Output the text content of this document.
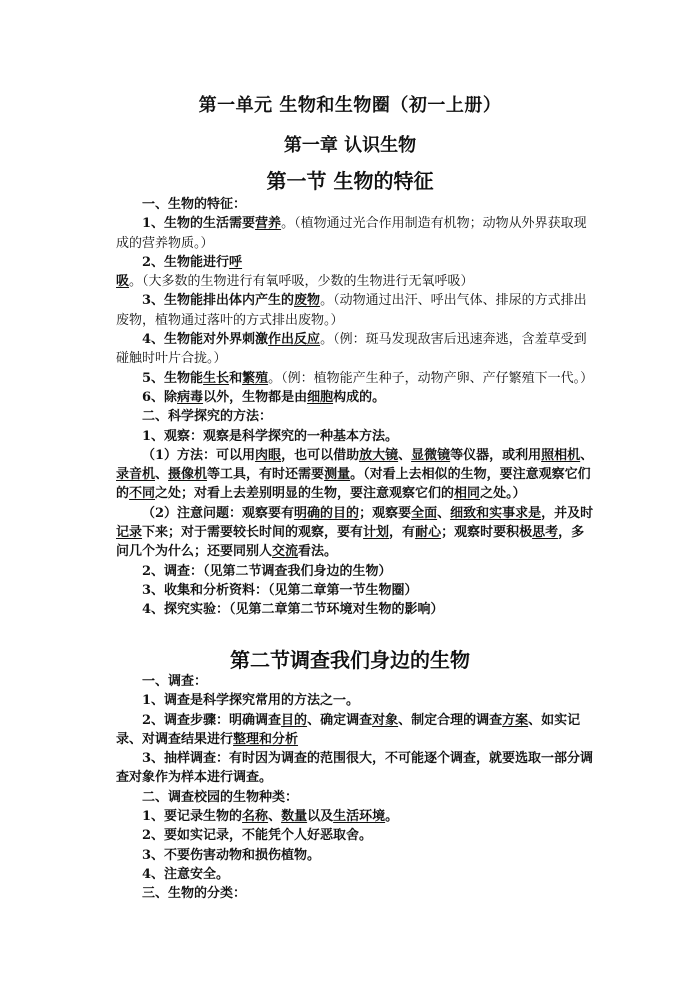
第一单元 生物和生物圈（初一上册）
第一章 认识生物
第一节 生物的特征

一、生物的特征：

1、生物的生活需要营养。（植物通过光合作用制造有机物；动物从外界获取现成的营养物质。）

2、生物能进行呼吸。（大多数的生物进行有氧呼吸，少数的生物进行无氧呼吸）

3、生物能排出体内产生的废物。（动物通过出汗、呼出气体、排尿的方式排出废物，植物通过落叶的方式排出废物。）

4、生物能对外界刺激作出反应。（例：斑马发现敌害后迅速奔逃，含羞草受到碰触时叶片合拢。）

5、生物能生长和繁殖。（例：植物能产生种子，动物产卵、产仔繁殖下一代。）

6、除病毒以外，生物都是由细胞构成的。

二、科学探究的方法：

1、观察：观察是科学探究的一种基本方法。

（1）方法：可以用肉眼，也可以借助放大镜、显微镜等仪器，或利用照相机、录音机、摄像机等工具，有时还需要测量。（对看上去相似的生物，要注意观察它们的不同之处；对看上去差别明显的生物，要注意观察它们的相同之处。）

（2）注意问题：观察要有明确的目的；观察要全面、细致和实事求是，并及时记录下来；对于需要较长时间的观察，要有计划，有耐心；观察时要积极思考，多问几个为什么；还要同别人交流看法。

2、调查：（见第二节调查我们身边的生物）

3、收集和分析资料：（见第二章第一节生物圈）

4、探究实验：（见第二章第二节环境对生物的影响）

第二节调查我们身边的生物

一、调查：

1、调查是科学探究常用的方法之一。

2、调查步骤：明确调查目的、确定调查对象、制定合理的调查方案、如实记录、对调查结果进行整理和分析

3、抽样调查：有时因为调查的范围很大，不可能逐个调查，就要选取一部分调查对象作为样本进行调查。

二、调查校园的生物种类：

1、要记录生物的名称、数量以及生活环境。

2、要如实记录，不能凭个人好恶取舍。

3、不要伤害动物和损伤植物。

4、注意安全。

三、生物的分类：
